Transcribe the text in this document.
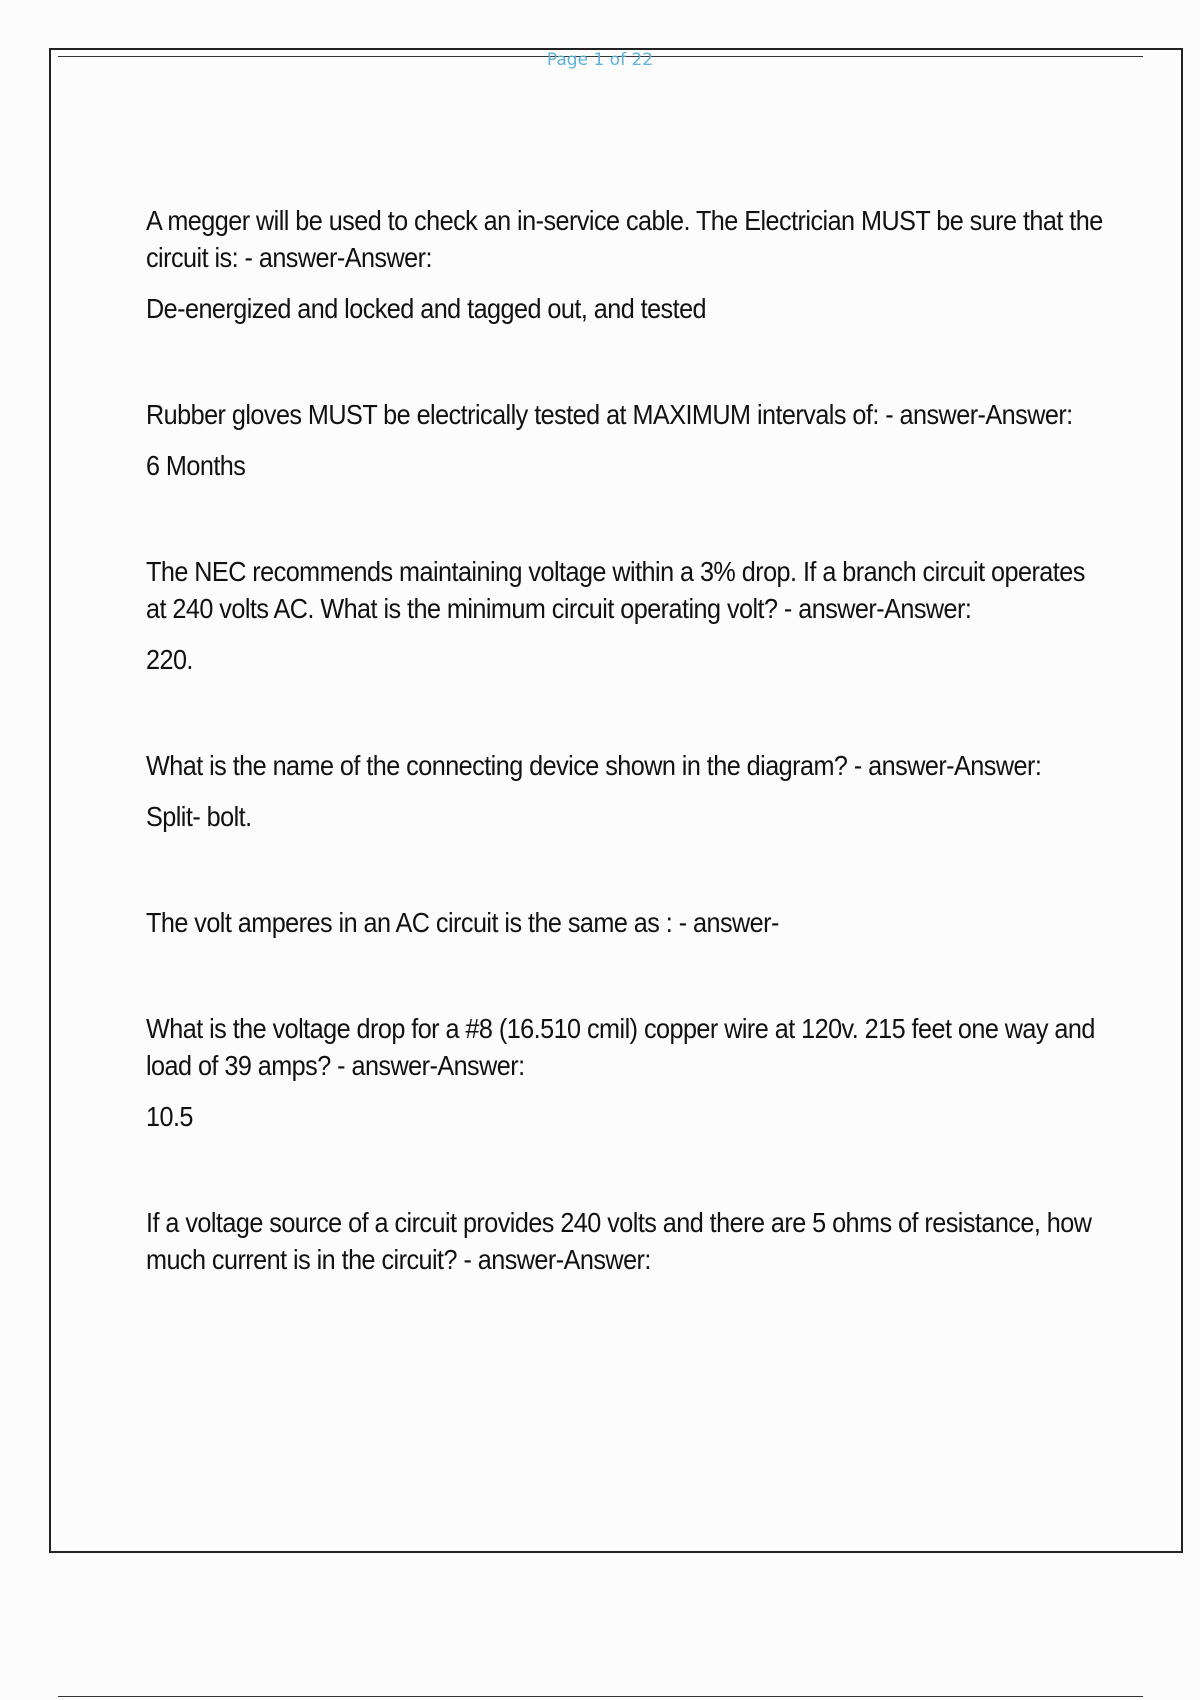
Page 1 of 22

A megger will be used to check an in-service cable. The Electrician MUST be sure that the circuit is: - answer-Answer:

De-energized and locked and tagged out, and tested

Rubber gloves MUST be electrically tested at MAXIMUM intervals of: - answer-Answer:

6 Months

The NEC recommends maintaining voltage within a 3% drop. If a branch circuit operates at 240 volts AC. What is the minimum circuit operating volt? - answer-Answer:

220.

What is the name of the connecting device shown in the diagram? - answer-Answer:

Split- bolt.

The volt amperes in an AC circuit is the same as : - answer-

What is the voltage drop for a #8 (16.510 cmil) copper wire at 120v. 215 feet one way and load of 39 amps? - answer-Answer:

10.5

If a voltage source of a circuit provides 240 volts and there are 5 ohms of resistance, how much current is in the circuit? - answer-Answer:
